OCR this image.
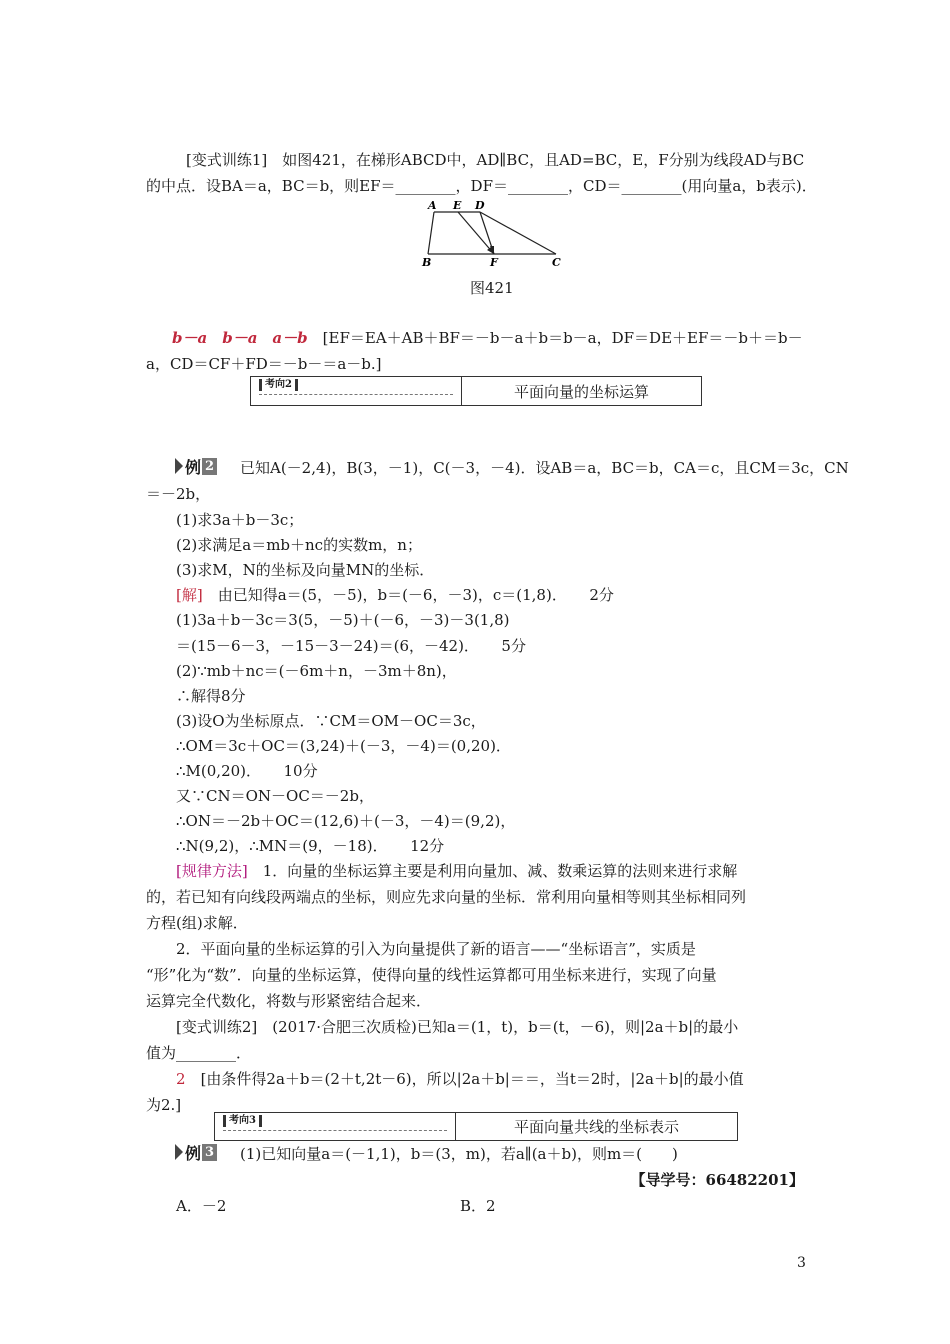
[变式训练1]　如图421，在梯形ABCD中，AD∥BC，且AD=BC，E，F分别为线段AD与BC
的中点．设BA＝a，BC＝b，则EF＝________，DF＝________，CD＝________(用向量a，b表示)．
A E D
B	F	C
图421
b－a　b－a　a－b　 [EF＝EA＋AB＋BF＝－b－a＋b＝b－a，DF＝DE＋EF＝－b＋＝b－
a，CD＝CF＋FD＝－b－＝a－b.]
考向2	平面向量的坐标运算
例 2 已知A(－2,4)，B(3，－1)，C(－3，－4)．设AB＝a，BC＝b，CA＝c，且CM＝3c，CN
＝－2b，
(1)求3a＋b－3c；
(2)求满足a＝mb＋nc的实数m，n；
(3)求M，N的坐标及向量MN的坐标．
[解]　 由已知得a＝(5，－5)，b＝(－6，－3)，c＝(1,8)．　　2分
(1)3a＋b－3c＝3(5，－5)＋(－6，－3)－3(1,8)
＝(15－6－3，－15－3－24)＝(6，－42)．　　5分
(2)∵mb＋nc＝(－6m＋n，－3m＋8n)，
∴解得8分
(3)设O为坐标原点．∵CM＝OM－OC＝3c，
∴OM＝3c＋OC＝(3,24)＋(－3，－4)＝(0,20)．
∴M(0,20)．　　10分
又∵CN＝ON－OC＝－2b，
∴ON＝－2b＋OC＝(12,6)＋(－3，－4)＝(9,2)，
∴N(9,2)，∴MN＝(9，－18)．　　12分
[规律方法]　 1．向量的坐标运算主要是利用向量加、减、数乘运算的法则来进行求解
的，若已知有向线段两端点的坐标，则应先求向量的坐标．常利用向量相等则其坐标相同列
方程(组)求解．
2．平面向量的坐标运算的引入为向量提供了新的语言——“坐标语言”，实质是
“形”化为“数”．向量的坐标运算，使得向量的线性运算都可用坐标来进行，实现了向量
运算完全代数化，将数与形紧密结合起来．
[变式训练2]　(2017·合肥三次质检)已知a＝(1，t)，b＝(t，－6)，则|2a＋b|的最小
值为________．
2　 [由条件得2a＋b＝(2＋t,2t－6)，所以|2a＋b|＝＝，当t＝2时，|2a＋b|的最小值
为2.]
考向3	平面向量共线的坐标表示
例 3 (1)已知向量a＝(－1,1)，b＝(3，m)，若a∥(a＋b)，则m＝(　　)
【导学号：66482201】
A．－2	B．2
3
